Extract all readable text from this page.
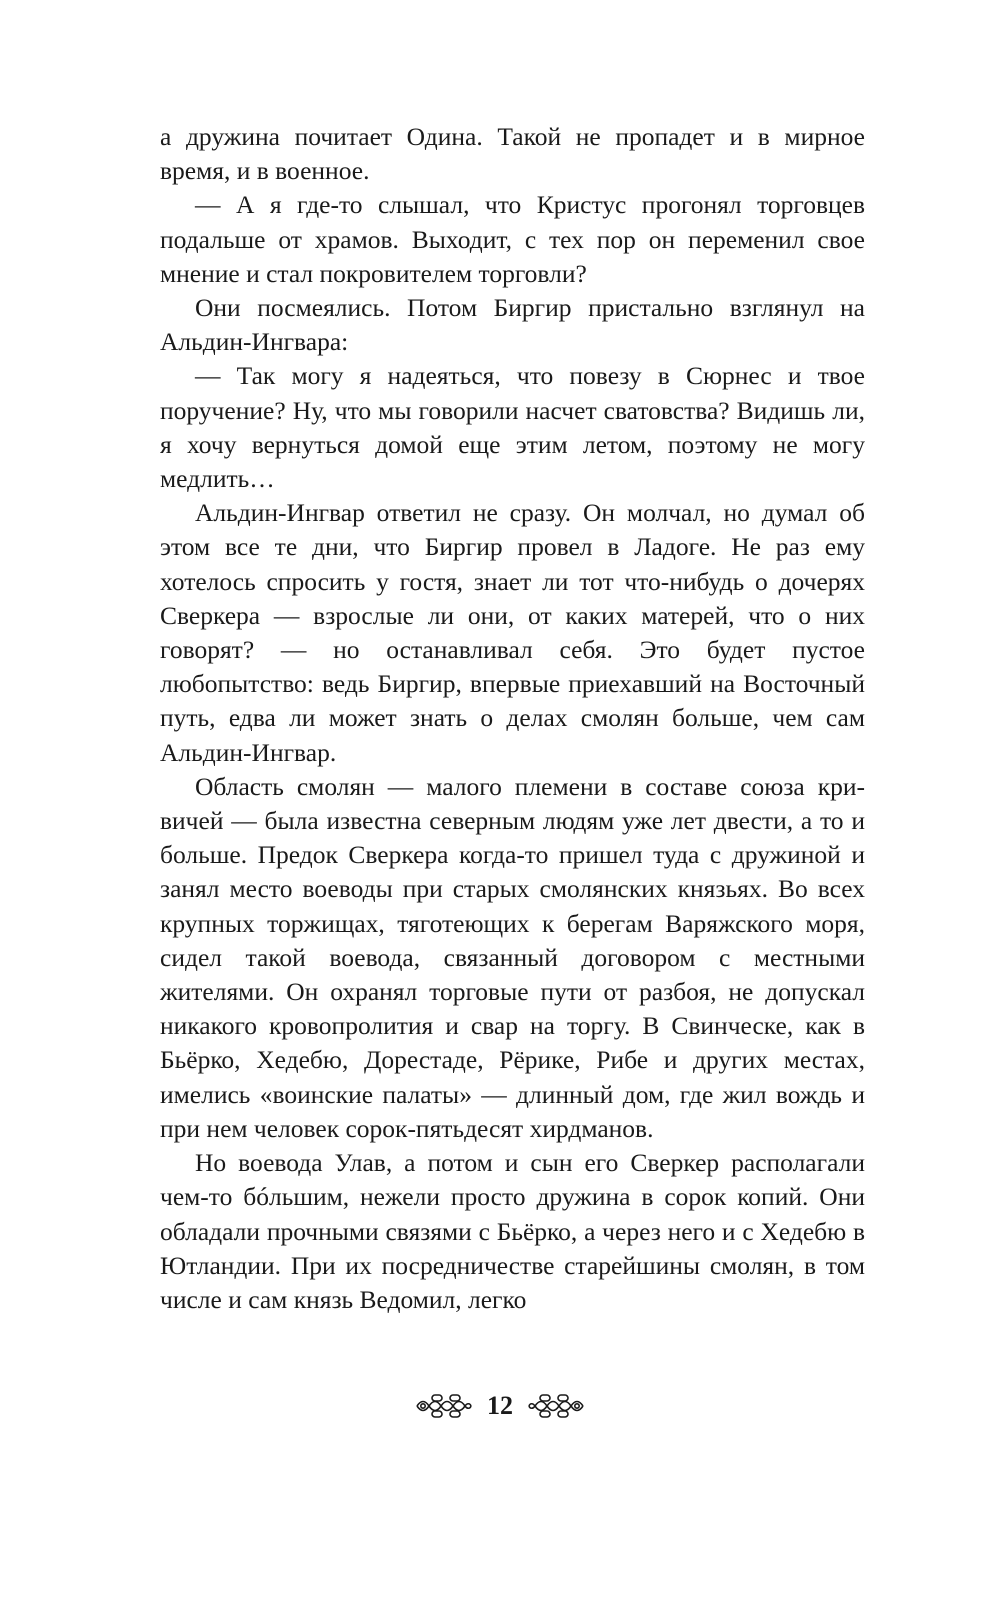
а дружина почитает Одина. Такой не пропадет и в мирное время, и в военное.

— А я где-то слышал, что Кристус прогонял торговцев подальше от храмов. Выходит, с тех пор он переменил свое мнение и стал покровителем торговли?

Они посмеялись. Потом Биргир пристально взглянул на Альдин-Ингвара:

— Так могу я надеяться, что повезу в Сюрнес и твое поручение? Ну, что мы говорили насчет сватовства? Видишь ли, я хочу вернуться домой еще этим летом, поэтому не могу медлить…

Альдин-Ингвар ответил не сразу. Он молчал, но думал об этом все те дни, что Биргир провел в Ладоге. Не раз ему хотелось спросить у гостя, знает ли тот что-нибудь о дочерях Сверкера — взрослые ли они, от каких матерей, что о них говорят? — но останавливал себя. Это будет пустое любопытство: ведь Биргир, впервые приехавший на Восточный путь, едва ли может знать о делах смолян больше, чем сам Альдин-Ингвар.

Область смолян — малого племени в составе союза кривичей — была известна северным людям уже лет двести, а то и больше. Предок Сверкера когда-то пришел туда с дружиной и занял место воеводы при старых смолянских князьях. Во всех крупных торжищах, тяготеющих к берегам Варяжского моря, сидел такой воевода, связанный договором с местными жителями. Он охранял торговые пути от разбоя, не допускал никакого кровопролития и свар на торгу. В Свинческе, как в Бьёрко, Хедебю, Дорестаде, Рёрике, Рибе и других местах, имелись «воинские палаты» — длинный дом, где жил вождь и при нем человек сорок-пятьдесят хирдманов.

Но воевода Улав, а потом и сын его Сверкер располагали чем-то бóльшим, нежели просто дружина в сорок копий. Они обладали прочными связями с Бьёрко, а через него и с Хедебю в Ютландии. При их посредничестве старейшины смолян, в том числе и сам князь Ведомил, легко

12
